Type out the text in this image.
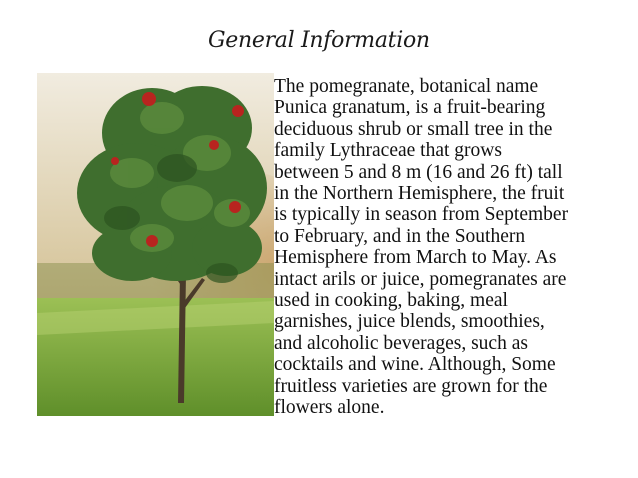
General Information

The pomegranate, botanical name
Punica granatum, is a fruit-bearing
deciduous shrub or small tree in the
family Lythraceae that grows
between 5 and 8 m (16 and 26 ft) tall
in the Northern Hemisphere, the fruit
is typically in season from September
to February, and in the Southern
Hemisphere from March to May. As
intact arils or juice, pomegranates are
used in cooking, baking, meal
garnishes, juice blends, smoothies,
and alcoholic beverages, such as
cocktails and wine. Although, Some
fruitless varieties are grown for the
flowers alone.
